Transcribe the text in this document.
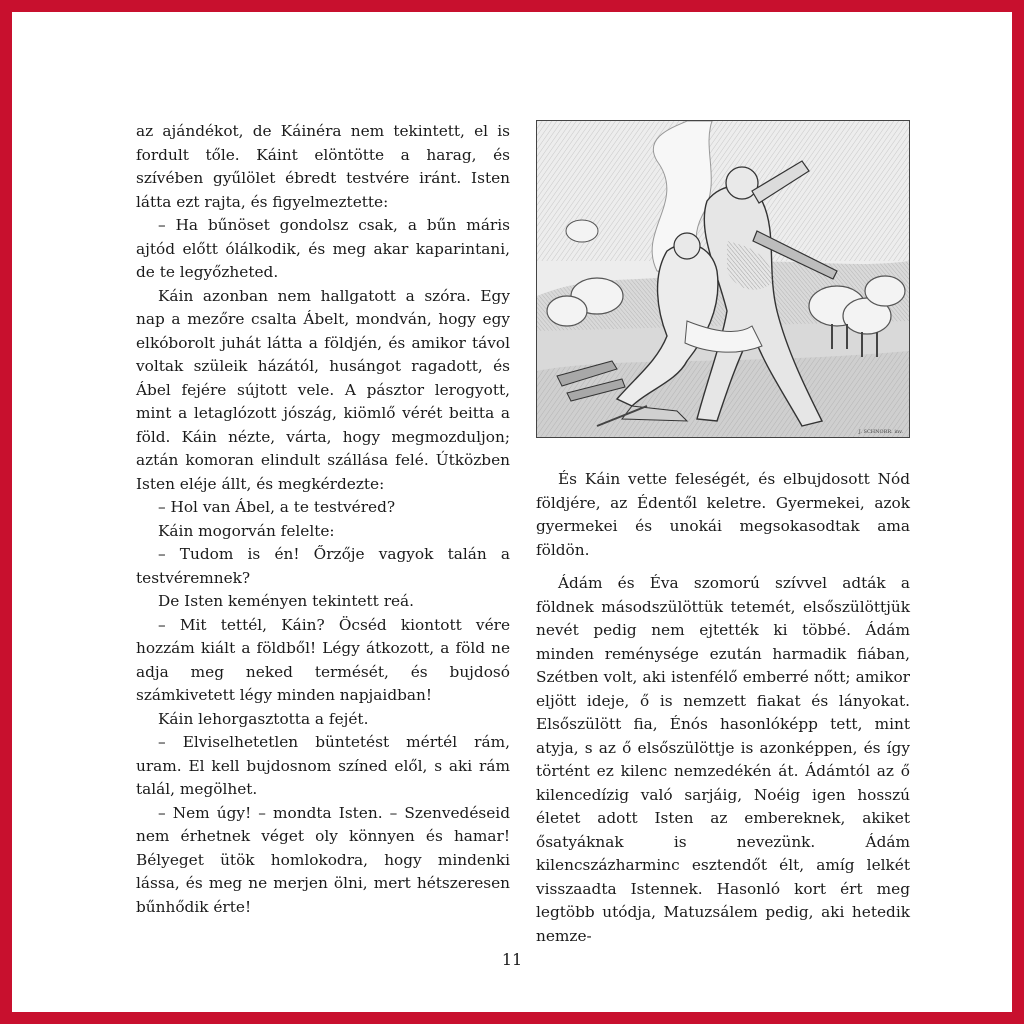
az ajándékot, de Káinéra nem tekintett, el is fordult tőle. Káint elöntötte a harag, és szívében gyűlölet ébredt testvére iránt. Isten látta ezt rajta, és figyelmeztette:

– Ha bűnöset gondolsz csak, a bűn máris ajtód előtt ólálkodik, és meg akar kaparintani, de te legyőzheted.

Káin azonban nem hallgatott a szóra. Egy nap a mezőre csalta Ábelt, mondván, hogy egy elkóborolt juhát látta a földjén, és amikor távol voltak szüleik házától, husángot ragadott, és Ábel fejére sújtott vele. A pásztor lerogyott, mint a letaglózott jószág, kiömlő vérét beitta a föld. Káin nézte, várta, hogy megmozduljon; aztán komoran elindult szállása felé. Útközben Isten eléje állt, és megkérdezte:

– Hol van Ábel, a te testvéred?

Káin mogorván felelte:

– Tudom is én! Őrzője vagyok talán a testvéremnek?

De Isten keményen tekintett reá.

– Mit tettél, Káin? Öcséd kiontott vére hozzám kiált a földből! Légy átkozott, a föld ne adja meg neked termését, és bujdosó számkivetett légy minden napjaidban!

Káin lehorgasztotta a fejét.

– Elviselhetetlen büntetést mértél rám, uram. El kell bujdosnom színed elől, s aki rám talál, megölhet.

– Nem úgy! – mondta Isten. – Szenvedéseid nem érhetnek véget oly könnyen és hamar! Bélyeget ütök homlokodra, hogy mindenki lássa, és meg ne merjen ölni, mert hétszeresen bűnhődik érte!

J. SCHNORR. inv.

És Káin vette feleségét, és elbujdosott Nód földjére, az Édentől keletre. Gyermekei, azok gyermekei és unokái megsokasodtak ama földön.

Ádám és Éva szomorú szívvel adták a földnek másodszülöttük tetemét, elsőszülöttjük nevét pedig nem ejtették ki többé. Ádám minden reménysége ezután harmadik fiában, Szétben volt, aki istenfélő emberré nőtt; amikor eljött ideje, ő is nemzett fiakat és lányokat. Elsőszülött fia, Énós hasonlóképp tett, mint atyja, s az ő elsőszülöttje is azonképpen, és így történt ez kilenc nemzedékén át. Ádámtól az ő kilencedízig való sarjáig, Noéig igen hosszú életet adott Isten az embereknek, akiket ősatyáknak is nevezünk. Ádám kilencszázharminc esztendőt élt, amíg lelkét visszaadta Istennek. Hasonló kort ért meg legtöbb utódja, Matuzsálem pedig, aki hetedik nemze-

11
